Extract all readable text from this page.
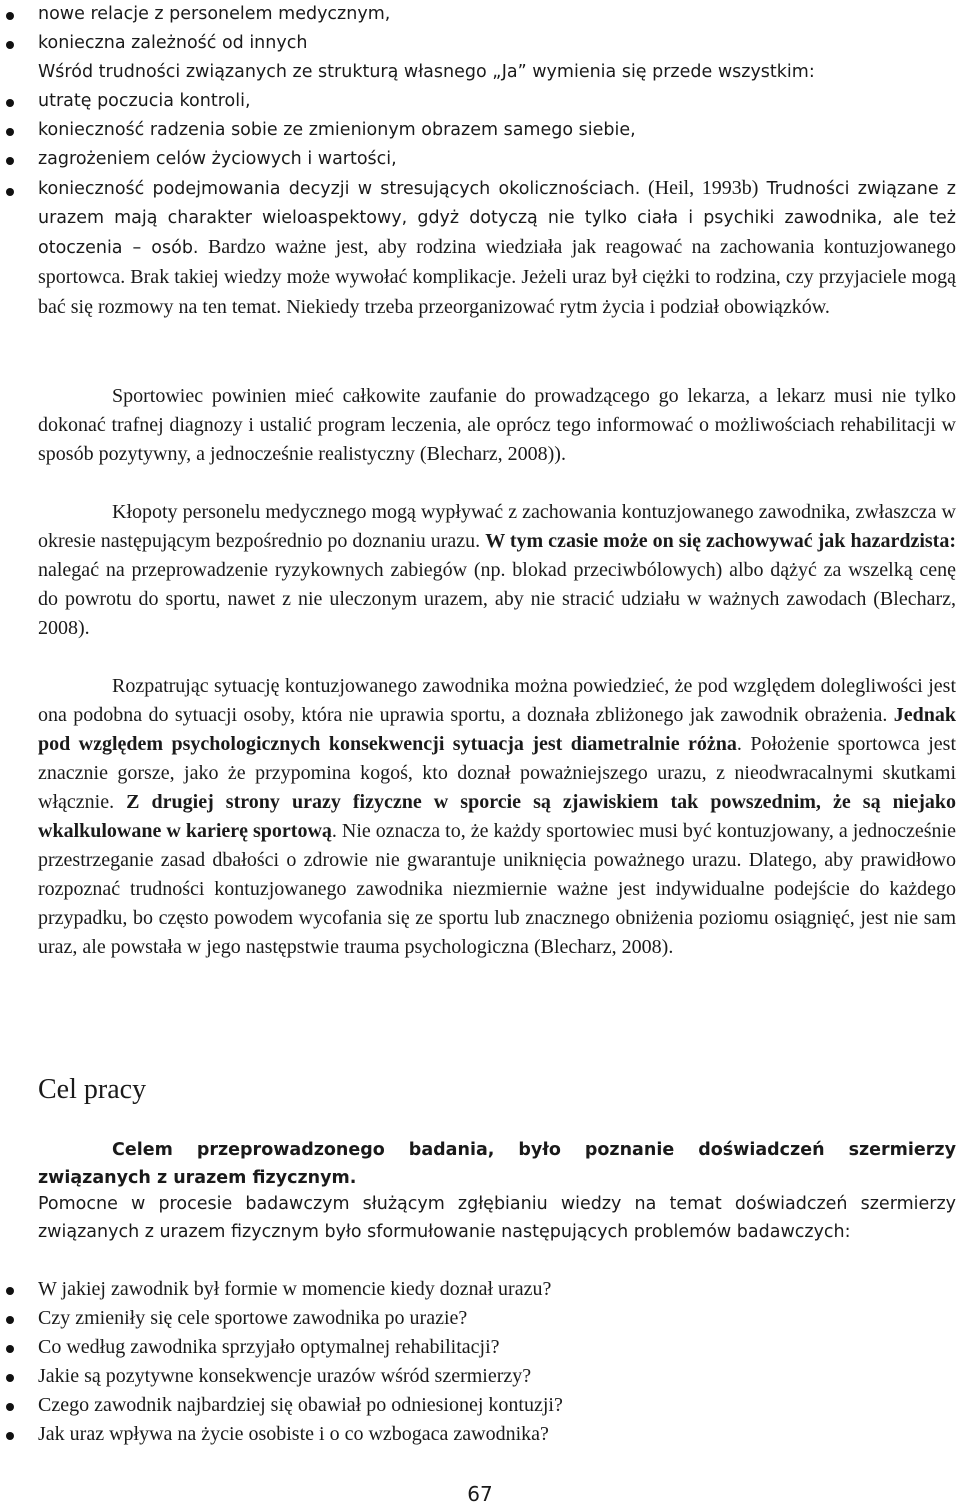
nowe relacje z personelem medycznym,
konieczna zależność od innych
Wśród trudności związanych ze strukturą własnego „Ja” wymienia się przede wszystkim:
utratę poczucia kontroli,
konieczność radzenia sobie ze zmienionym obrazem samego siebie,
zagrożeniem celów życiowych i wartości,

konieczność podejmowania decyzji w stresujących okolicznościach. (Heil, 1993b) Trudności związane z urazem mają charakter wieloaspektowy, gdyż dotyczą nie tylko ciała i psychiki zawodnika, ale też otoczenia – osób. Bardzo ważne jest, aby rodzina wiedziała jak reagować na zachowania kontuzjowanego sportowca. Brak takiej wiedzy może wywołać komplikacje. Jeżeli uraz był ciężki to rodzina, czy przyjaciele mogą bać się rozmowy na ten temat. Niekiedy trzeba przeorganizować rytm życia i podział obowiązków.

Sportowiec powinien mieć całkowite zaufanie do prowadzącego go lekarza, a lekarz musi nie tylko dokonać trafnej diagnozy i ustalić program leczenia, ale oprócz tego informować o możliwościach rehabilitacji w sposób pozytywny, a jednocześnie realistyczny (Blecharz, 2008)).

Kłopoty personelu medycznego mogą wypływać z zachowania kontuzjowanego zawodnika, zwłaszcza w okresie następującym bezpośrednio po doznaniu urazu. W tym czasie może on się zachowywać jak hazardzista: nalegać na przeprowadzenie ryzykownych zabiegów (np. blokad przeciwbólowych) albo dążyć za wszelką cenę do powrotu do sportu, nawet z nie uleczonym urazem, aby nie stracić udziału w ważnych zawodach (Blecharz, 2008).

Rozpatrując sytuację kontuzjowanego zawodnika można powiedzieć, że pod względem dolegliwości jest ona podobna do sytuacji osoby, która nie uprawia sportu, a doznała zbliżonego jak zawodnik obrażenia. Jednak pod względem psychologicznych konsekwencji sytuacja jest diametralnie różna. Położenie sportowca jest znacznie gorsze, jako że przypomina kogoś, kto doznał poważniejszego urazu, z nieodwracalnymi skutkami włącznie. Z drugiej strony urazy fizyczne w sporcie są zjawiskiem tak powszednim, że są niejako wkalkulowane w karierę sportową. Nie oznacza to, że każdy sportowiec musi być kontuzjowany, a jednocześnie przestrzeganie zasad dbałości o zdrowie nie gwarantuje uniknięcia poważnego urazu. Dlatego, aby prawidłowo rozpoznać trudności kontuzjowanego zawodnika niezmiernie ważne jest indywidualne podejście do każdego przypadku, bo często powodem wycofania się ze sportu lub znacznego obniżenia poziomu osiągnięć, jest nie sam uraz, ale powstała w jego następstwie trauma psychologiczna (Blecharz, 2008).

Cel pracy

Celem przeprowadzonego badania, było poznanie doświadczeń szermierzy związanych z urazem fizycznym.

Pomocne w procesie badawczym służącym zgłębianiu wiedzy na temat doświadczeń szermierzy związanych z urazem fizycznym było sformułowanie następujących problemów badawczych:

W jakiej zawodnik był formie w momencie kiedy doznał urazu?
Czy zmieniły się cele sportowe zawodnika po urazie?
Co według zawodnika sprzyjało optymalnej rehabilitacji?
Jakie są pozytywne konsekwencje urazów wśród szermierzy?
Czego zawodnik najbardziej się obawiał po odniesionej kontuzji?
Jak uraz wpływa na życie osobiste i o co wzbogaca zawodnika?
67
